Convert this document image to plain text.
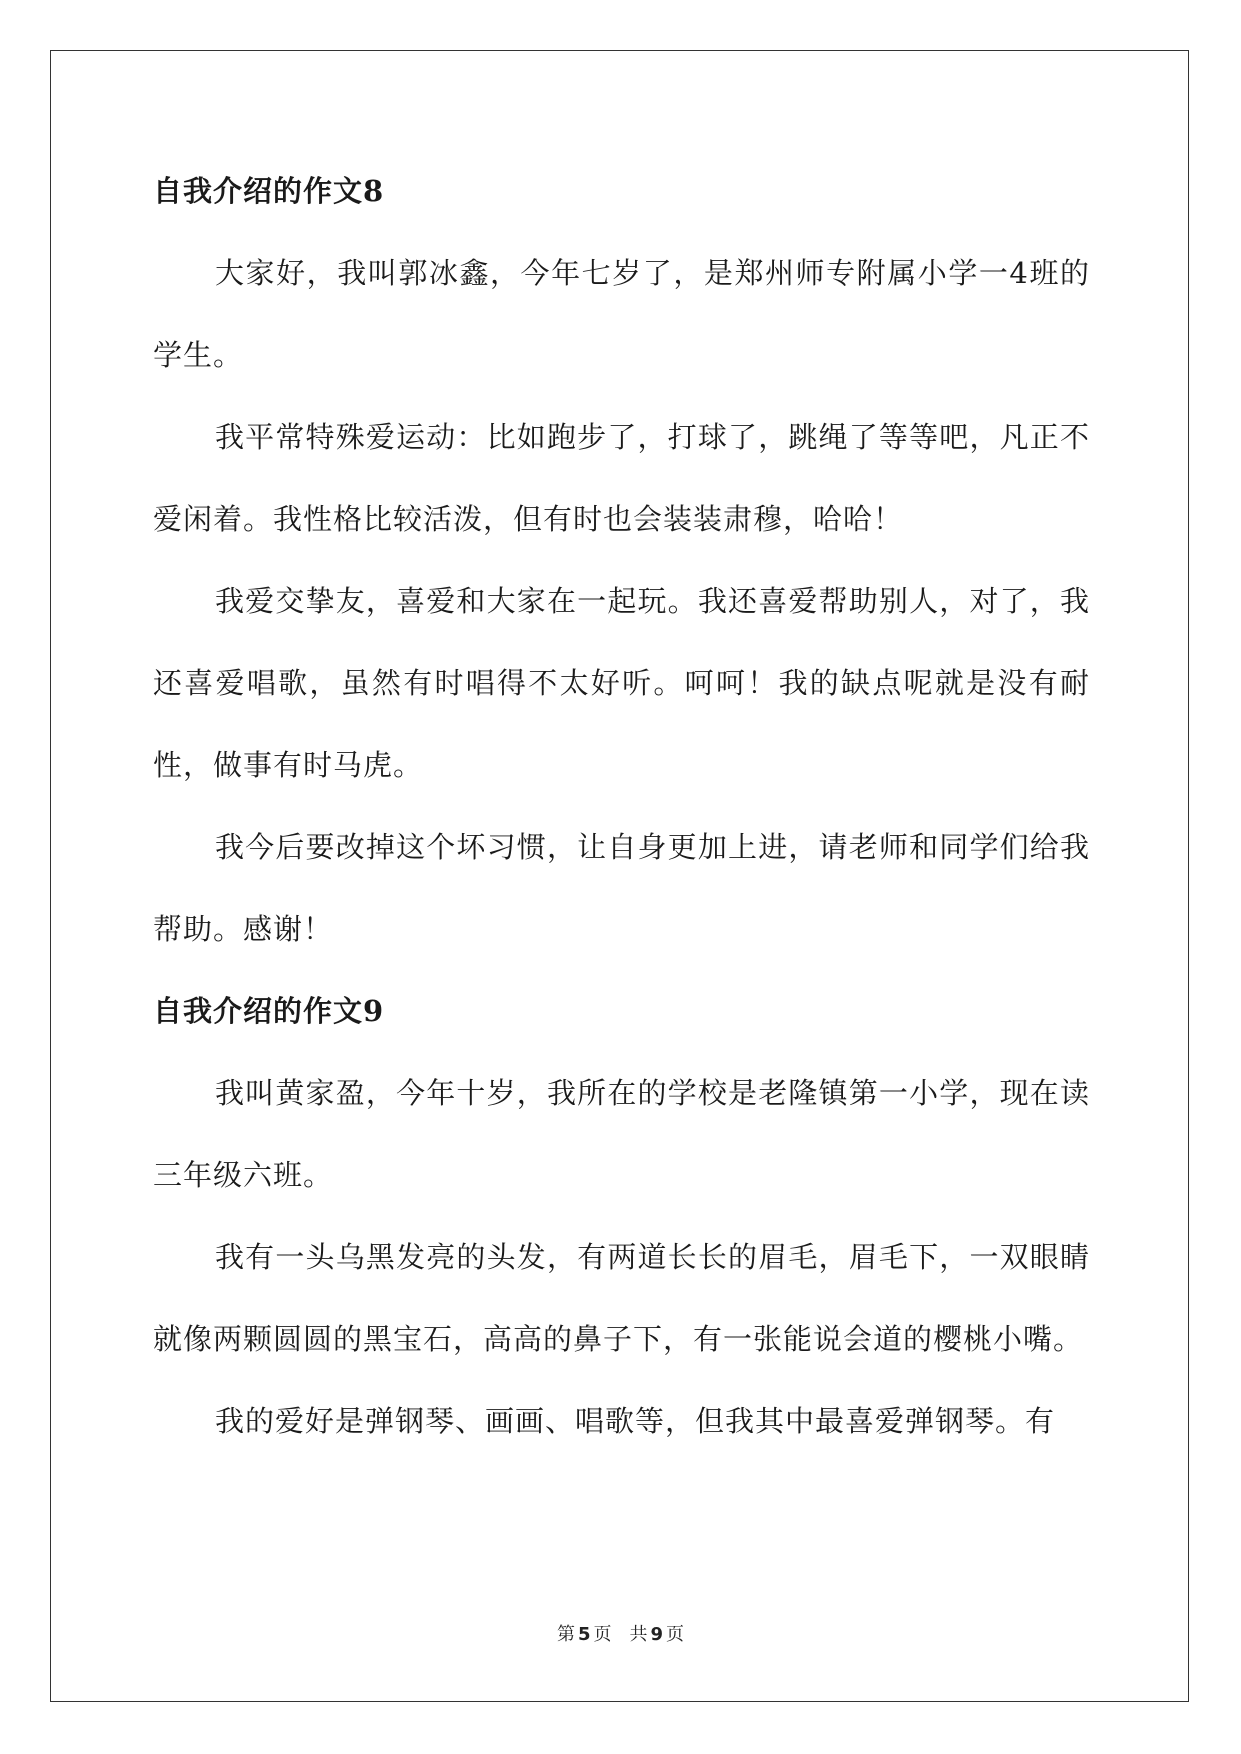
自我介绍的作文8

大家好，我叫郭冰鑫，今年七岁了，是郑州师专附属小学一4班的学生。

我平常特殊爱运动：比如跑步了，打球了，跳绳了等等吧，凡正不爱闲着。我性格比较活泼，但有时也会装装肃穆，哈哈！

我爱交挚友，喜爱和大家在一起玩。我还喜爱帮助别人，对了，我还喜爱唱歌，虽然有时唱得不太好听。呵呵！我的缺点呢就是没有耐性，做事有时马虎。

我今后要改掉这个坏习惯，让自身更加上进，请老师和同学们给我帮助。感谢！

自我介绍的作文9

我叫黄家盈，今年十岁，我所在的学校是老隆镇第一小学，现在读三年级六班。

我有一头乌黑发亮的头发，有两道长长的眉毛，眉毛下，一双眼睛就像两颗圆圆的黑宝石，高高的鼻子下，有一张能说会道的樱桃小嘴。

我的爱好是弹钢琴、画画、唱歌等，但我其中最喜爱弹钢琴。有

第 5 页 共 9 页
